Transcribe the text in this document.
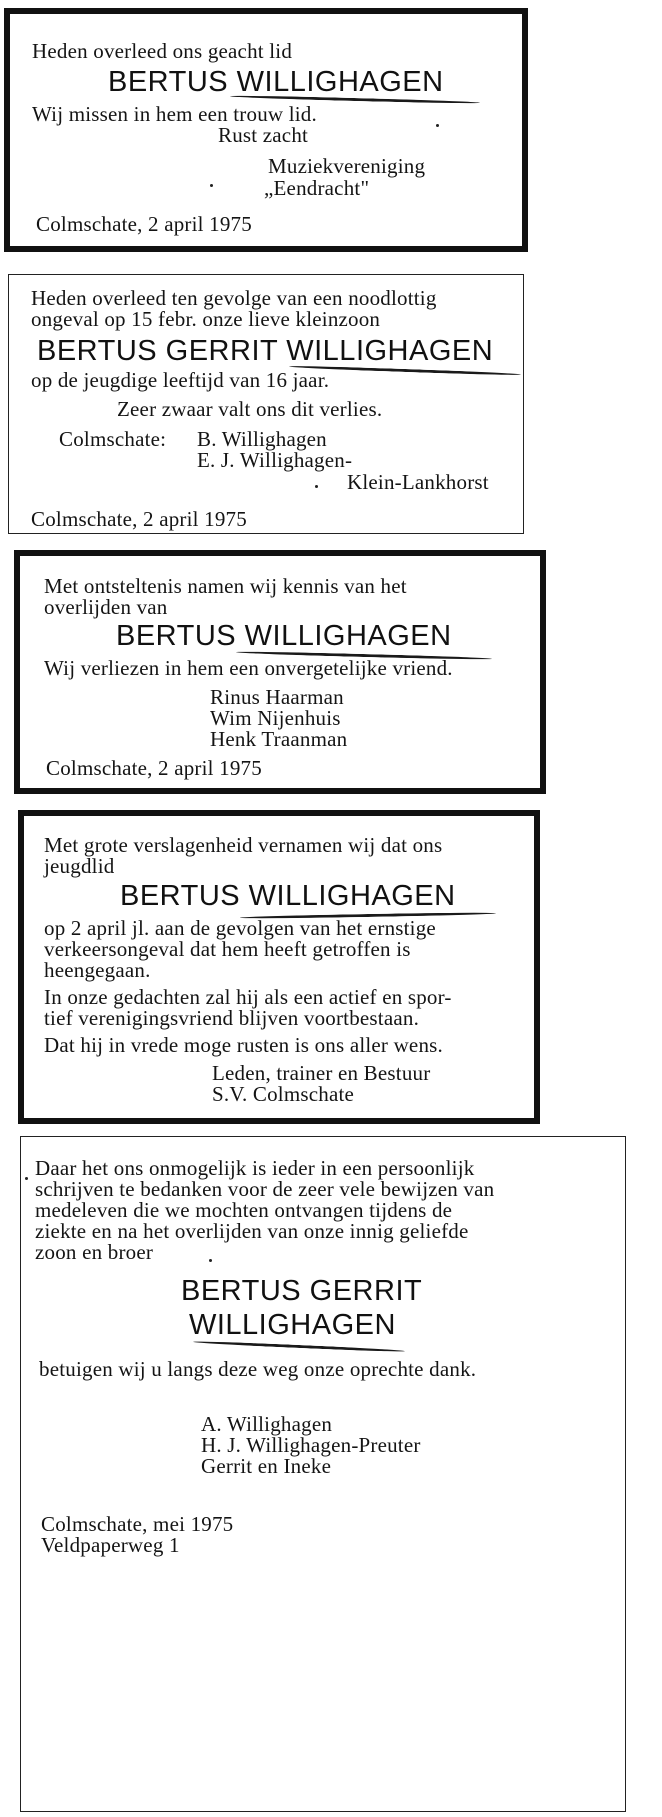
Heden overleed ons geacht lid
BERTUS WILLIGHAGEN
Wij missen in hem een trouw lid.
Rust zacht
Muziekvereniging
„Eendracht"
Colmschate, 2 april 1975
Heden overleed ten gevolge van een noodlottig
ongeval op 15 febr. onze lieve kleinzoon
BERTUS GERRIT WILLIGHAGEN
op de jeugdige leeftijd van 16 jaar.
Zeer zwaar valt ons dit verlies.
Colmschate: B. Willighagen
E. J. Willighagen-
Klein-Lankhorst
Colmschate, 2 april 1975
Met ontsteltenis namen wij kennis van het
overlijden van
BERTUS WILLIGHAGEN
Wij verliezen in hem een onvergetelijke vriend.
Rinus Haarman
Wim Nijenhuis
Henk Traanman
Colmschate, 2 april 1975
Met grote verslagenheid vernamen wij dat ons
jeugdlid
BERTUS WILLIGHAGEN
op 2 april jl. aan de gevolgen van het ernstige
verkeersongeval dat hem heeft getroffen is
heengegaan.
In onze gedachten zal hij als een actief en spor-
tief verenigingsvriend blijven voortbestaan.
Dat hij in vrede moge rusten is ons aller wens.
Leden, trainer en Bestuur
S.V. Colmschate
Daar het ons onmogelijk is ieder in een persoonlijk
schrijven te bedanken voor de zeer vele bewijzen van
medeleven die we mochten ontvangen tijdens de
ziekte en na het overlijden van onze innig geliefde
zoon en broer
BERTUS GERRIT
WILLIGHAGEN
betuigen wij u langs deze weg onze oprechte dank.
A. Willighagen
H. J. Willighagen-Preuter
Gerrit en Ineke
Colmschate, mei 1975
Veldpaperweg 1
